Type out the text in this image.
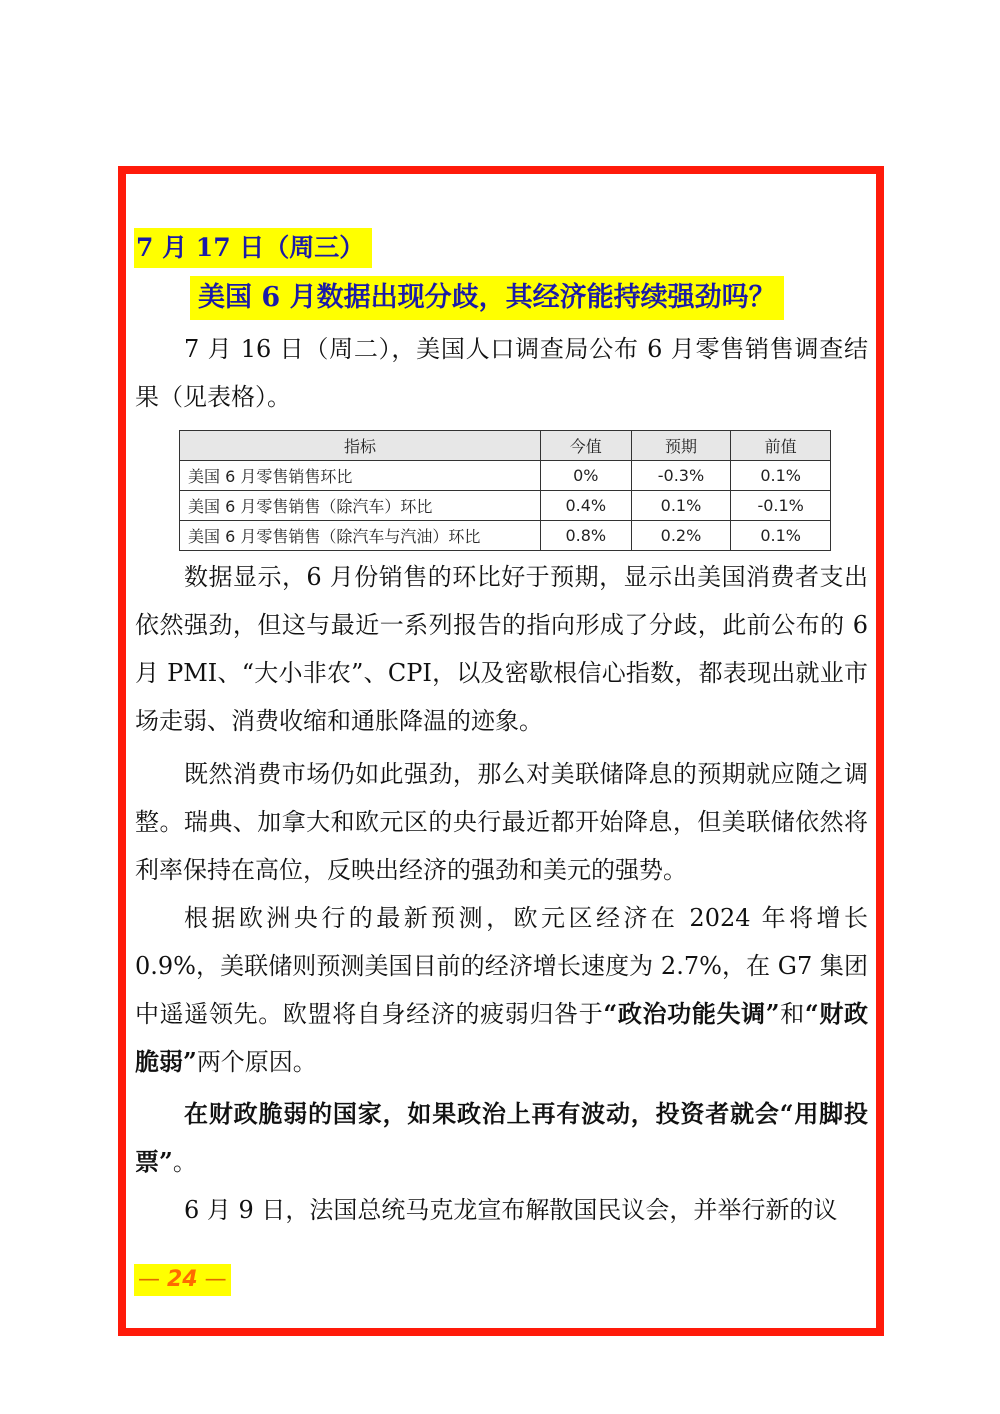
7 月 17 日（周三）
美国 6 月数据出现分歧，其经济能持续强劲吗？

7 月 16 日（周二），美国人口调查局公布 6 月零售销售调查结果（见表格）。

指标	今值	预期	前值
美国 6 月零售销售环比	0%	-0.3%	0.1%
美国 6 月零售销售（除汽车）环比	0.4%	0.1%	-0.1%
美国 6 月零售销售（除汽车与汽油）环比	0.8%	0.2%	0.1%

数据显示，6 月份销售的环比好于预期，显示出美国消费者支出依然强劲，但这与最近一系列报告的指向形成了分歧，此前公布的 6 月 PMI、“大小非农”、CPI，以及密歇根信心指数，都表现出就业市场走弱、消费收缩和通胀降温的迹象。

既然消费市场仍如此强劲，那么对美联储降息的预期就应随之调整。瑞典、加拿大和欧元区的央行最近都开始降息，但美联储依然将利率保持在高位，反映出经济的强劲和美元的强势。

根据欧洲央行的最新预测，欧元区经济在 2024 年将增长 0.9%，美联储则预测美国目前的经济增长速度为 2.7%，在 G7 集团中遥遥领先。欧盟将自身经济的疲弱归咎于“政治功能失调”和“财政脆弱”两个原因。

在财政脆弱的国家，如果政治上再有波动，投资者就会“用脚投票”。

6 月 9 日，法国总统马克龙宣布解散国民议会，并举行新的议

— 24 —
